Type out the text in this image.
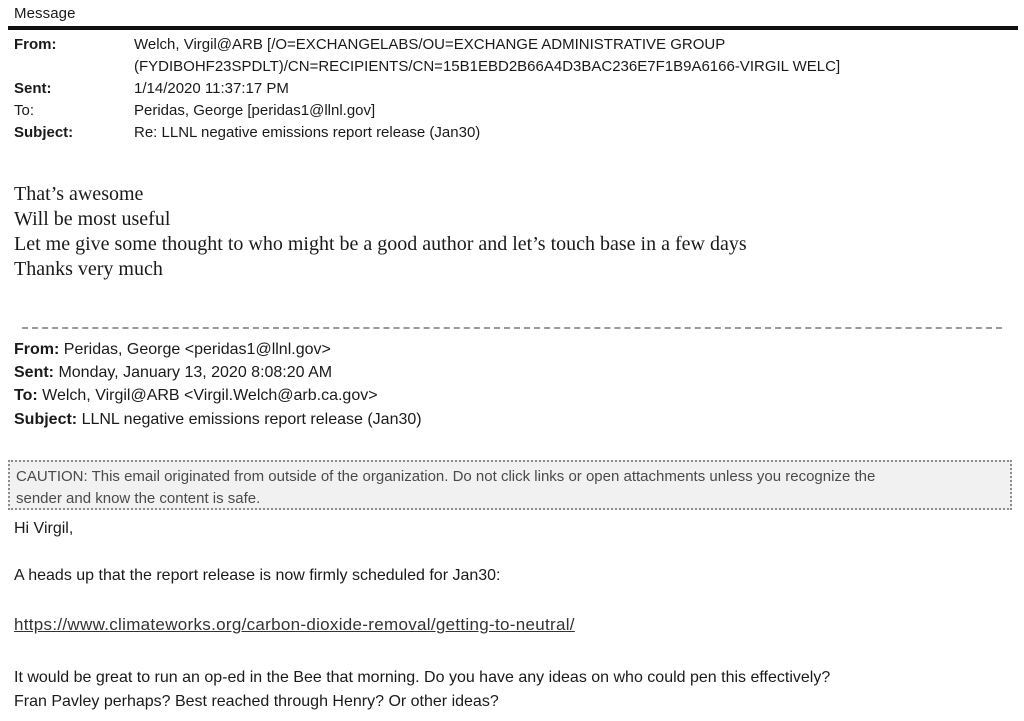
Message
From:	Welch, Virgil@ARB [/O=EXCHANGELABS/OU=EXCHANGE ADMINISTRATIVE GROUP
(FYDIBOHF23SPDLT)/CN=RECIPIENTS/CN=15B1EBD2B66A4D3BAC236E7F1B9A6166-VIRGIL WELC]
Sent:	1/14/2020 11:37:17 PM
To:	Peridas, George [peridas1@llnl.gov]
Subject:	Re: LLNL negative emissions report release (Jan30)
That’s awesome
Will be most useful
Let me give some thought to who might be a good author and let’s touch base in a few days
Thanks very much
From: Peridas, George <peridas1@llnl.gov>
Sent: Monday, January 13, 2020 8:08:20 AM
To: Welch, Virgil@ARB <Virgil.Welch@arb.ca.gov>
Subject: LLNL negative emissions report release (Jan30)
CAUTION: This email originated from outside of the organization. Do not click links or open attachments unless you recognize the
sender and know the content is safe.
Hi Virgil,
A heads up that the report release is now firmly scheduled for Jan30:
https://www.climateworks.org/carbon-dioxide-removal/getting-to-neutral/
It would be great to run an op-ed in the Bee that morning. Do you have any ideas on who could pen this effectively?
Fran Pavley perhaps? Best reached through Henry? Or other ideas?
